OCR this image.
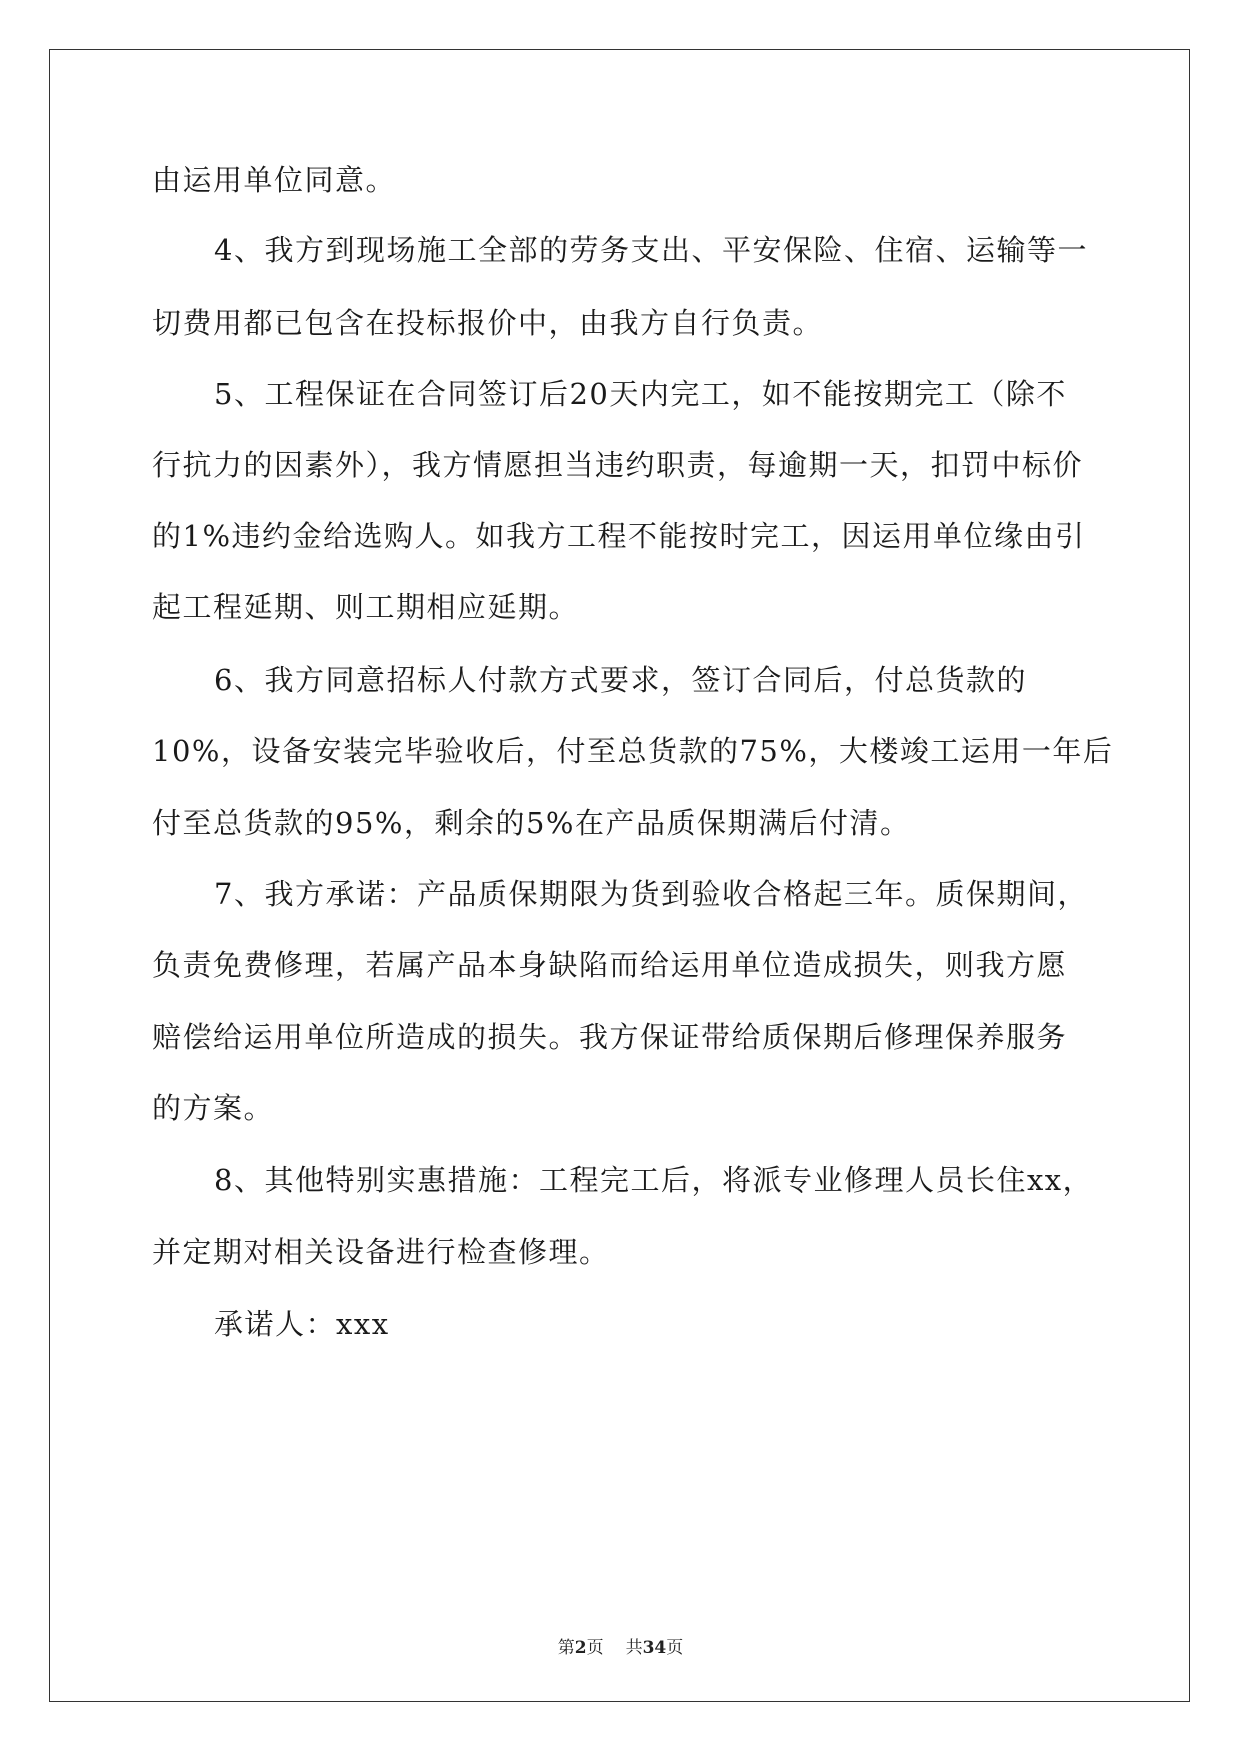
由运用单位同意。
4、我方到现场施工全部的劳务支出、平安保险、住宿、运输等一
切费用都已包含在投标报价中，由我方自行负责。
5、工程保证在合同签订后20天内完工，如不能按期完工（除不
行抗力的因素外），我方情愿担当违约职责，每逾期一天，扣罚中标价
的1%违约金给选购人。如我方工程不能按时完工，因运用单位缘由引
起工程延期、则工期相应延期。
6、我方同意招标人付款方式要求，签订合同后，付总货款的
10%，设备安装完毕验收后，付至总货款的75%，大楼竣工运用一年后
付至总货款的95%，剩余的5%在产品质保期满后付清。
7、我方承诺：产品质保期限为货到验收合格起三年。质保期间，
负责免费修理，若属产品本身缺陷而给运用单位造成损失，则我方愿
赔偿给运用单位所造成的损失。我方保证带给质保期后修理保养服务
的方案。
8、其他特别实惠措施：工程完工后，将派专业修理人员长住xx，
并定期对相关设备进行检查修理。
承诺人：xxx
第2页 共34页
